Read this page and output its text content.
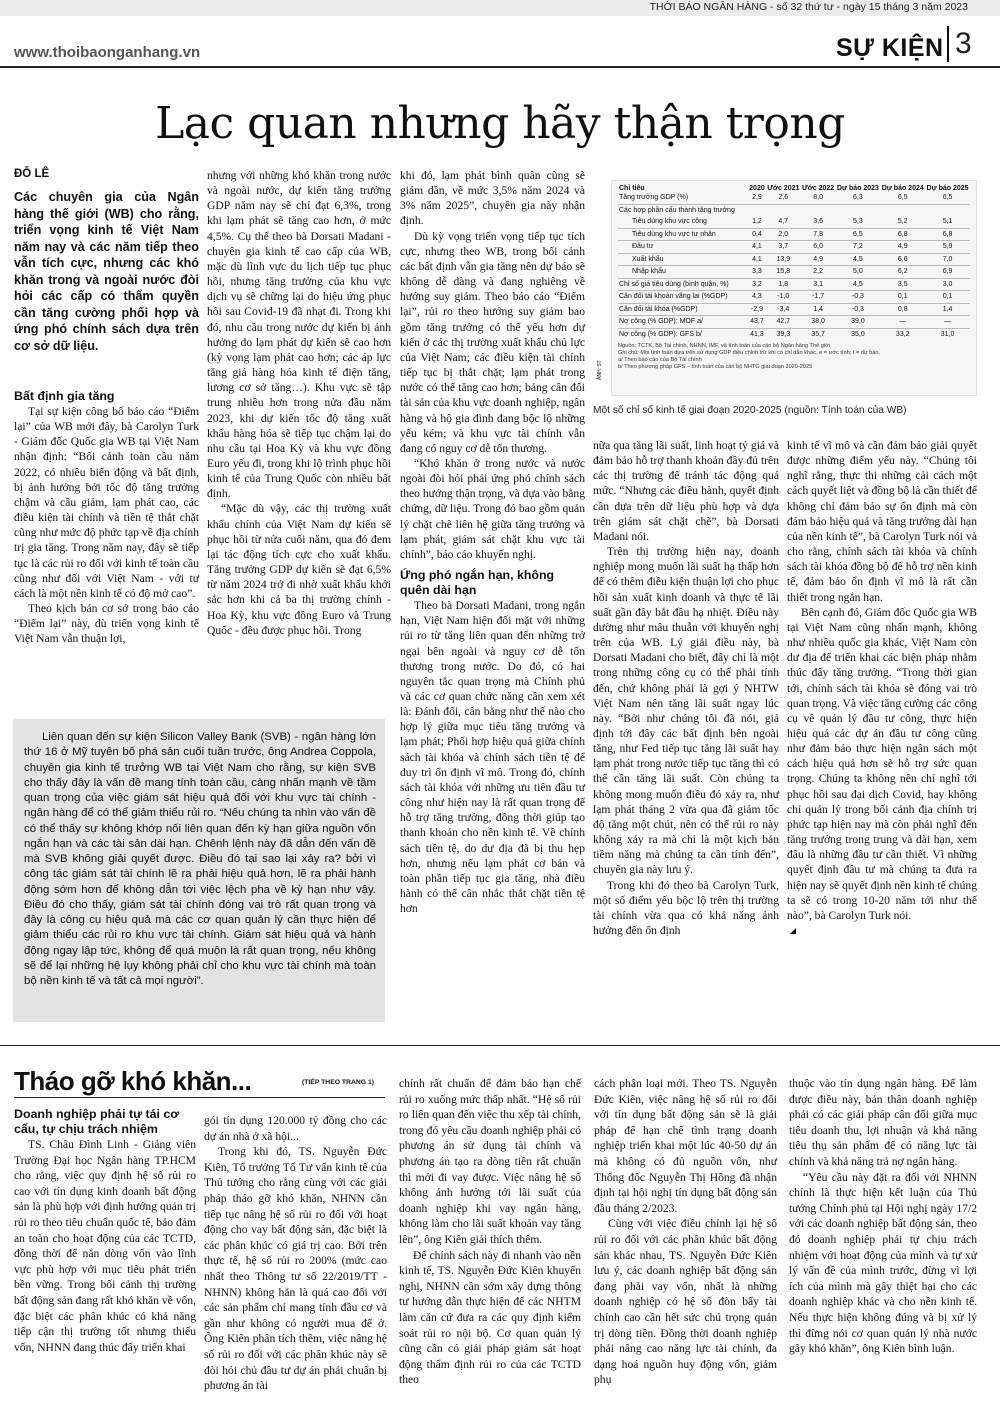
THỜI BÁO NGÂN HÀNG - số 32 thứ tư - ngày 15 tháng 3 năm 2023
www.thoibaonganhang.vn	SỰ KIỆN 3
Lạc quan nhưng hãy thận trọng
ĐỖ LÊ
Các chuyên gia của Ngân hàng thế giới (WB) cho rằng, triển vọng kinh tế Việt Nam năm nay và các năm tiếp theo vẫn tích cực, nhưng các khó khăn trong và ngoài nước đòi hỏi các cấp có thẩm quyền cần tăng cường phối hợp và ứng phó chính sách dựa trên cơ sở dữ liệu.
Bất định gia tăng

Tại sự kiện công bố báo cáo “Điểm lại” của WB mới đây, bà Carolyn Turk - Giám đốc Quốc gia WB tại Việt Nam nhận định: “Bối cảnh toàn cầu năm 2022, có nhiều biến động và bất định, bị ảnh hưởng bởi tốc độ tăng trưởng chậm và cầu giảm, lạm phát cao, các điều kiện tài chính và tiền tệ thắt chặt cũng như mức độ phức tạp về địa chính trị gia tăng. Trong năm nay, đây sẽ tiếp tục là các rủi ro đối với kinh tế toàn cầu cũng như đối với Việt Nam - với tư cách là một nền kinh tế có độ mở cao”.

Theo kịch bản cơ sở trong báo cáo “Điểm lại” này, dù triển vọng kinh tế Việt Nam vẫn thuận lợi,

nhưng với những khó khăn trong nước và ngoài nước, dự kiến tăng trưởng GDP năm nay sẽ chỉ đạt 6,3%, trong khi lạm phát sẽ tăng cao hơn, ở mức 4,5%. Cụ thể theo bà Dorsati Madani - chuyên gia kinh tế cao cấp của WB, mặc dù lĩnh vực du lịch tiếp tục phục hồi, nhưng tăng trưởng của khu vực dịch vụ sẽ chững lại do hiệu ứng phục hồi sau Covid-19 đã nhạt đi. Trong khi đó, nhu cầu trong nước dự kiến bị ảnh hưởng do lạm phát dự kiến sẽ cao hơn (kỳ vọng lạm phát cao hơn; các áp lực tăng giá hàng hóa kinh tế điện tăng, lương cơ sở tăng…). Khu vực sẽ tập trung nhiều hơn trong nửa đầu năm 2023, khi dự kiến tốc độ tăng xuất khẩu hàng hóa sẽ tiếp tục chậm lại do nhu cầu tại Hoa Kỳ và khu vực đồng Euro yếu đi, trong khi lộ trình phục hồi kinh tế của Trung Quốc còn nhiều bất định.

“Mặc dù vậy, các thị trường xuất khẩu chính của Việt Nam dự kiến sẽ phục hồi từ nửa cuối năm, qua đó đem lại tác động tích cực cho xuất khẩu. Tăng trưởng GDP dự kiến sẽ đạt 6,5% từ năm 2024 trở đi nhờ xuất khẩu khởi sắc hơn khi cả ba thị trường chính - Hoa Kỳ, khu vực đồng Euro và Trung Quốc - đều được phục hồi. Trong

khi đó, lạm phát bình quân cũng sẽ giảm dần, về mức 3,5% năm 2024 và 3% năm 2025”, chuyên gia này nhận định.

Dù kỳ vọng triển vọng tiếp tục tích cực, nhưng theo WB, trong bối cảnh các bất định vẫn gia tăng nên dự báo sẽ không dễ dàng và đang nghiêng về hướng suy giảm. Theo báo cáo “Điểm lại”, rủi ro theo hướng suy giảm bao gồm tăng trưởng có thể yếu hơn dự kiến ở các thị trường xuất khẩu chủ lực của Việt Nam; các điều kiện tài chính tiếp tục bị thắt chặt; lạm phát trong nước có thể tăng cao hơn; bảng cân đối tài sản của khu vực doanh nghiệp, ngân hàng và hộ gia đình đang bộc lộ những yếu kém; và khu vực tài chính vẫn đang có nguy cơ dễ tổn thương.

“Khó khăn ở trong nước và nước ngoài đòi hỏi phải ứng phó chính sách theo hướng thận trọng, và dựa vào bằng chứng, dữ liệu. Trong đó bao gồm quản lý chặt chẽ liên hệ giữa tăng trưởng và lạm phát, giám sát chặt khu vực tài chính”, báo cáo khuyến nghị.

Ứng phó ngắn hạn, không quên dài hạn

Theo bà Dorsati Madani, trong ngắn hạn, Việt Nam hiện đối mặt với những rủi ro từ tăng liên quan đến những trở ngại bên ngoài và nguy cơ dễ tổn thương trong nước. Do đó, có hai nguyên tắc quan trọng mà Chính phủ và các cơ quan chức năng cần xem xét là: Đánh đổi, cân bằng như thế nào cho hợp lý giữa mục tiêu tăng trưởng và lạm phát; Phối hợp hiệu quả giữa chính sách tài khóa và chính sách tiền tệ để duy trì ổn định vĩ mô. Trong đó, chính sách tài khóa với những ưu tiên đầu tư công như hiện nay là rất quan trọng để hỗ trợ tăng trưởng, đồng thời giúp tạo thanh khoản cho nền kinh tế. Về chính sách tiền tệ, do dư địa đã bị thu hẹp hơn, nhưng nếu lạm phát cơ bản và toàn phần tiếp tục gia tăng, nhà điều hành có thể cân nhắc thắt chặt tiền tệ hơn

Chỉ tiêu	2020	Ước 2021	Ước 2022	Dự báo 2023	Dự báo 2024	Dự báo 2025
Tăng trưởng GDP (%)	2,9	2,6	8,0	6,3	6,5	6,5
Các hợp phần cấu thành tăng trưởng						
Tiêu dùng khu vực công	1,2	4,7	3,6	5,3	5,2	5,1
Tiêu dùng khu vực tư nhân	0,4	2,0	7,8	6,5	6,8	6,8
Đầu tư	4,1	3,7	6,0	7,2	4,9	5,9
Xuất khẩu	4,1	13,9	4,9	4,5	6,6	7,0
Nhập khẩu	3,3	15,8	2,2	5,0	6,2	6,9
Chỉ số giá tiêu dùng (bình quân, %)	3,2	1,8	3,1	4,5	3,5	3,0
Cân đối tài khoản vãng lai (%GDP)	4,3	-1,0	-1,7	-0,3	0,1	0,1
Cân đối tài khóa (%GDP)	-2,9	-3,4	1,4	-0,3	0,8	1,4
Nợ công (% GDP): MOF a/	43,7	42,7	38,0	39,0	—	—
Nợ công (% GDP): GFS b/	41,3	39,3	35,7	35,0	33,2	31,0
Nguồn: TCTK, Bộ Tài chính, NHNN, IMF, và tính toán của cán bộ Ngân hàng Thế giới
Ghi chú: Mọi tính toán dựa trên sử dụng GDP điều chỉnh trừ khi có chỉ dẫn khác. e = ước tính; f = dự báo.
a/ Theo báo cáo của Bộ Tài chính
b/ Theo phương pháp GFS – tính toán của cán bộ NHTG giai đoạn 2020-2025
ẢNH: ST
Một số chỉ số kinh tế giai đoạn 2020-2025 (nguồn: Tính toán của WB)

nữa qua tăng lãi suất, linh hoạt tỷ giá và đảm bảo hỗ trợ thanh khoản đầy đủ trên các thị trường để tránh tác động quá mức. “Nhưng các điều hành, quyết định cần dựa trên dữ liệu phù hợp và dựa trên giám sát chặt chẽ”, bà Dorsati Madani nói.

Trên thị trường hiện nay, doanh nghiệp mong muốn lãi suất hạ thấp hơn để có thêm điều kiện thuận lợi cho phục hồi sản xuất kinh doanh và thực tế lãi suất gần đây bắt đầu hạ nhiệt. Điều này dường như mâu thuẫn với khuyến nghị trên của WB. Lý giải điều này, bà Dorsati Madani cho biết, đây chỉ là một trong những công cụ có thể phải tính đến, chứ không phải là gợi ý NHTW Việt Nam nên tăng lãi suất ngay lúc này. “Bởi như chúng tôi đã nói, giả định tới đây các bất định bên ngoài tăng, như Fed tiếp tục tăng lãi suất hay lạm phát trong nước tiếp tục tăng thì có thể cần tăng lãi suất. Còn chúng ta không mong muốn điều đó xảy ra, như lạm phát tháng 2 vừa qua đã giảm tốc độ tăng một chút, nên có thể rủi ro này không xảy ra mà chỉ là một kịch bản tiềm năng mà chúng ta cần tính đến”, chuyên gia này lưu ý.

Trong khi đó theo bà Carolyn Turk, một số điểm yếu bộc lộ trên thị trường tài chính vừa qua có khả năng ảnh hưởng đến ổn định

kinh tế vĩ mô và cần đảm bảo giải quyết được những điểm yếu này. “Chúng tôi nghĩ rằng, thực thi những cải cách một cách quyết liệt và đồng bộ là cần thiết để không chỉ đảm bảo sự ổn định mà còn đảm bảo hiệu quả và tăng trưởng dài hạn của nền kinh tế”, bà Carolyn Turk nói và cho rằng, chính sách tài khóa và chính sách tài khóa đồng bộ để hỗ trợ nền kinh tế, đảm bảo ổn định vĩ mô là rất cần thiết trong ngắn hạn.

Bên cạnh đó, Giám đốc Quốc gia WB tại Việt Nam cũng nhấn mạnh, không như nhiều quốc gia khác, Việt Nam còn dư địa để triển khai các biện pháp nhằm thúc đẩy tăng trưởng. “Trong thời gian tới, chính sách tài khóa sẽ đóng vai trò quan trọng. Và việc tăng cường các công cụ về quản lý đầu tư công, thực hiện hiệu quả các dự án đầu tư công cũng như đảm bảo thực hiện ngân sách một cách hiệu quả hơn sẽ hỗ trợ sức quan trọng. Chúng ta không nên chỉ nghĩ tới phục hồi sau đại dịch Covid, hay không chỉ quản lý trong bối cảnh địa chính trị phức tạp hiện nay mà còn phải nghĩ đến tăng trưởng trong trung và dài hạn, xem đâu là những đầu tư cần thiết. Vì những quyết định đầu tư mà chúng ta đưa ra hiện nay sẽ quyết định nền kinh tế chúng ta sẽ có trong 10-20 năm tới như thế nào”, bà Carolyn Turk nói.

Liên quan đến sự kiện Silicon Valley Bank (SVB) - ngân hàng lớn thứ 16 ở Mỹ tuyên bố phá sản cuối tuần trước, ông Andrea Coppola, chuyên gia kinh tế trưởng WB tại Việt Nam cho rằng, sự kiện SVB cho thấy đây là vấn đề mang tính toàn cầu, càng nhấn mạnh về tầm quan trọng của việc giám sát hiệu quả đối với khu vực tài chính - ngân hàng để có thể giảm thiểu rủi ro. “Nếu chúng ta nhìn vào vấn đề có thể thấy sự không khớp nối liên quan đến kỳ hạn giữa nguồn vốn ngắn hạn và các tài sản dài hạn. Chênh lệnh này đã dẫn đến vấn đề mà SVB không giải quyết được. Điều đó tại sao lại xảy ra? bởi vì công tác giám sát tài chính lẽ ra phải hiệu quả hơn, lẽ ra phải hành động sớm hơn để không dẫn tới việc lệch pha về kỳ hạn như vậy. Điều đó cho thấy, giám sát tài chính đóng vai trò rất quan trọng và đây là công cụ hiệu quả mà các cơ quan quản lý cần thực hiện để giảm thiểu các rủi ro khu vực tài chính. Giám sát hiệu quả và hành động ngay lập tức, không để quá muộn là rất quan trọng, nếu không sẽ để lại những hệ lụy không phải chỉ cho khu vực tài chính mà toàn bộ nền kinh tế và tất cả mọi người”.

Tháo gỡ khó khăn...	(TIẾP THEO TRANG 1)
Doanh nghiệp phải tự tái cơ cấu, tự chịu trách nhiệm

TS. Châu Đình Linh - Giảng viên Trường Đại học Ngân hàng TP.HCM cho rằng, việc quy định hệ số rủi ro cao với tín dụng kinh doanh bất động sản là phù hợp với định hướng quản trị rủi ro theo tiêu chuẩn quốc tế, bảo đảm an toàn cho hoạt động của các TCTD, đồng thời để nắn dòng vốn vào lĩnh vực phù hợp với mục tiêu phát triển bền vững. Trong bối cảnh thị trường bất động sản đang rất khó khăn về vốn, đặc biệt các phân khúc có khả năng tiếp cận thị trường tốt nhưng thiếu vốn, NHNN đang thúc đẩy triển khai

gói tín dụng 120.000 tỷ đồng cho các dự án nhà ở xã hội...

Trong khi đó, TS. Nguyễn Đức Kiên, Tổ trưởng Tổ Tư vấn kinh tế của Thủ tướng cho rằng cùng với các giải pháp tháo gỡ khó khăn, NHNN cần tiếp tục nâng hệ số rủi ro đối với hoạt động cho vay bất động sản, đặc biệt là các phân khúc có giá trị cao. Bởi trên thực tế, hệ số rủi ro 200% (mức cao nhất theo Thông tư số 22/2019/TT - NHNN) không hẳn là quá cao đối với các sản phẩm chỉ mang tính đầu cơ và gần như không có người mua để ở. Ông Kiên phân tích thêm, việc nâng hệ số rủi ro đối với các phân khúc này sẽ đòi hỏi chủ đầu tư dự án phải chuẩn bị phương án tài

chính rất chuẩn để đảm bảo hạn chế rủi ro xuống mức thấp nhất. “Hệ số rủi ro liên quan đến việc thu xếp tài chính, trong đó yêu cầu doanh nghiệp phải có phương án sử dụng tài chính và phương án tạo ra dòng tiền rất chuẩn thì mới đi vay được. Việc nâng hệ số không ảnh hưởng tới lãi suất của doanh nghiệp khi vay ngân hàng, không làm cho lãi suất khoản vay tăng lên”, ông Kiên giải thích thêm.

Để chính sách này đi nhanh vào nền kinh tế, TS. Nguyễn Đức Kiên khuyến nghị, NHNN cần sớm xây dựng thông tư hướng dẫn thực hiện để các NHTM làm căn cứ đưa ra các quy định kiểm soát rủi ro nội bộ. Cơ quan quản lý cũng cần có giải pháp giám sát hoạt động thẩm định rủi ro của các TCTD theo

cách phân loại mới. Theo TS. Nguyễn Đức Kiên, việc nâng hệ số rủi ro đối với tín dụng bất động sản sẽ là giải pháp để hạn chế tình trạng doanh nghiệp triển khai một lúc 40-50 dự án mà không có đủ nguồn vốn, như Thống đốc Nguyễn Thị Hồng đã nhận định tại hội nghị tín dụng bất động sản đầu tháng 2/2023.

Cùng với việc điều chỉnh lại hệ số rủi ro đối với các phân khúc bất động sản khác nhau, TS. Nguyễn Đức Kiên lưu ý, các doanh nghiệp bất động sản đang phải vay vốn, nhất là những doanh nghiệp có hệ số đòn bẩy tài chính cao cần hết sức chú trọng quản trị dòng tiền. Đồng thời doanh nghiệp phải nâng cao năng lực tài chính, đa dạng hoá nguồn huy động vốn, giảm phụ

thuộc vào tín dụng ngân hàng. Để làm được điều này, bản thân doanh nghiệp phải có các giải pháp cân đối giữa mục tiêu doanh thu, lợi nhuận và khả năng tiêu thụ sản phẩm để có năng lực tài chính và khả năng trả nợ ngân hàng.

“Yêu cầu này đặt ra đối với NHNN chính là thực hiện kết luận của Thủ tướng Chính phủ tại Hội nghị ngày 17/2 với các doanh nghiệp bất động sản, theo đó doanh nghiệp phải tự chịu trách nhiệm với hoạt động của mình và tự xử lý vấn đề của mình trước, đừng vì lợi ích của mình mà gây thiệt hại cho các doanh nghiệp khác và cho nền kinh tế. Nếu thực hiện không đúng và bị xử lý thì đừng nói cơ quan quản lý nhà nước gây khó khăn”, ông Kiên bình luận.
